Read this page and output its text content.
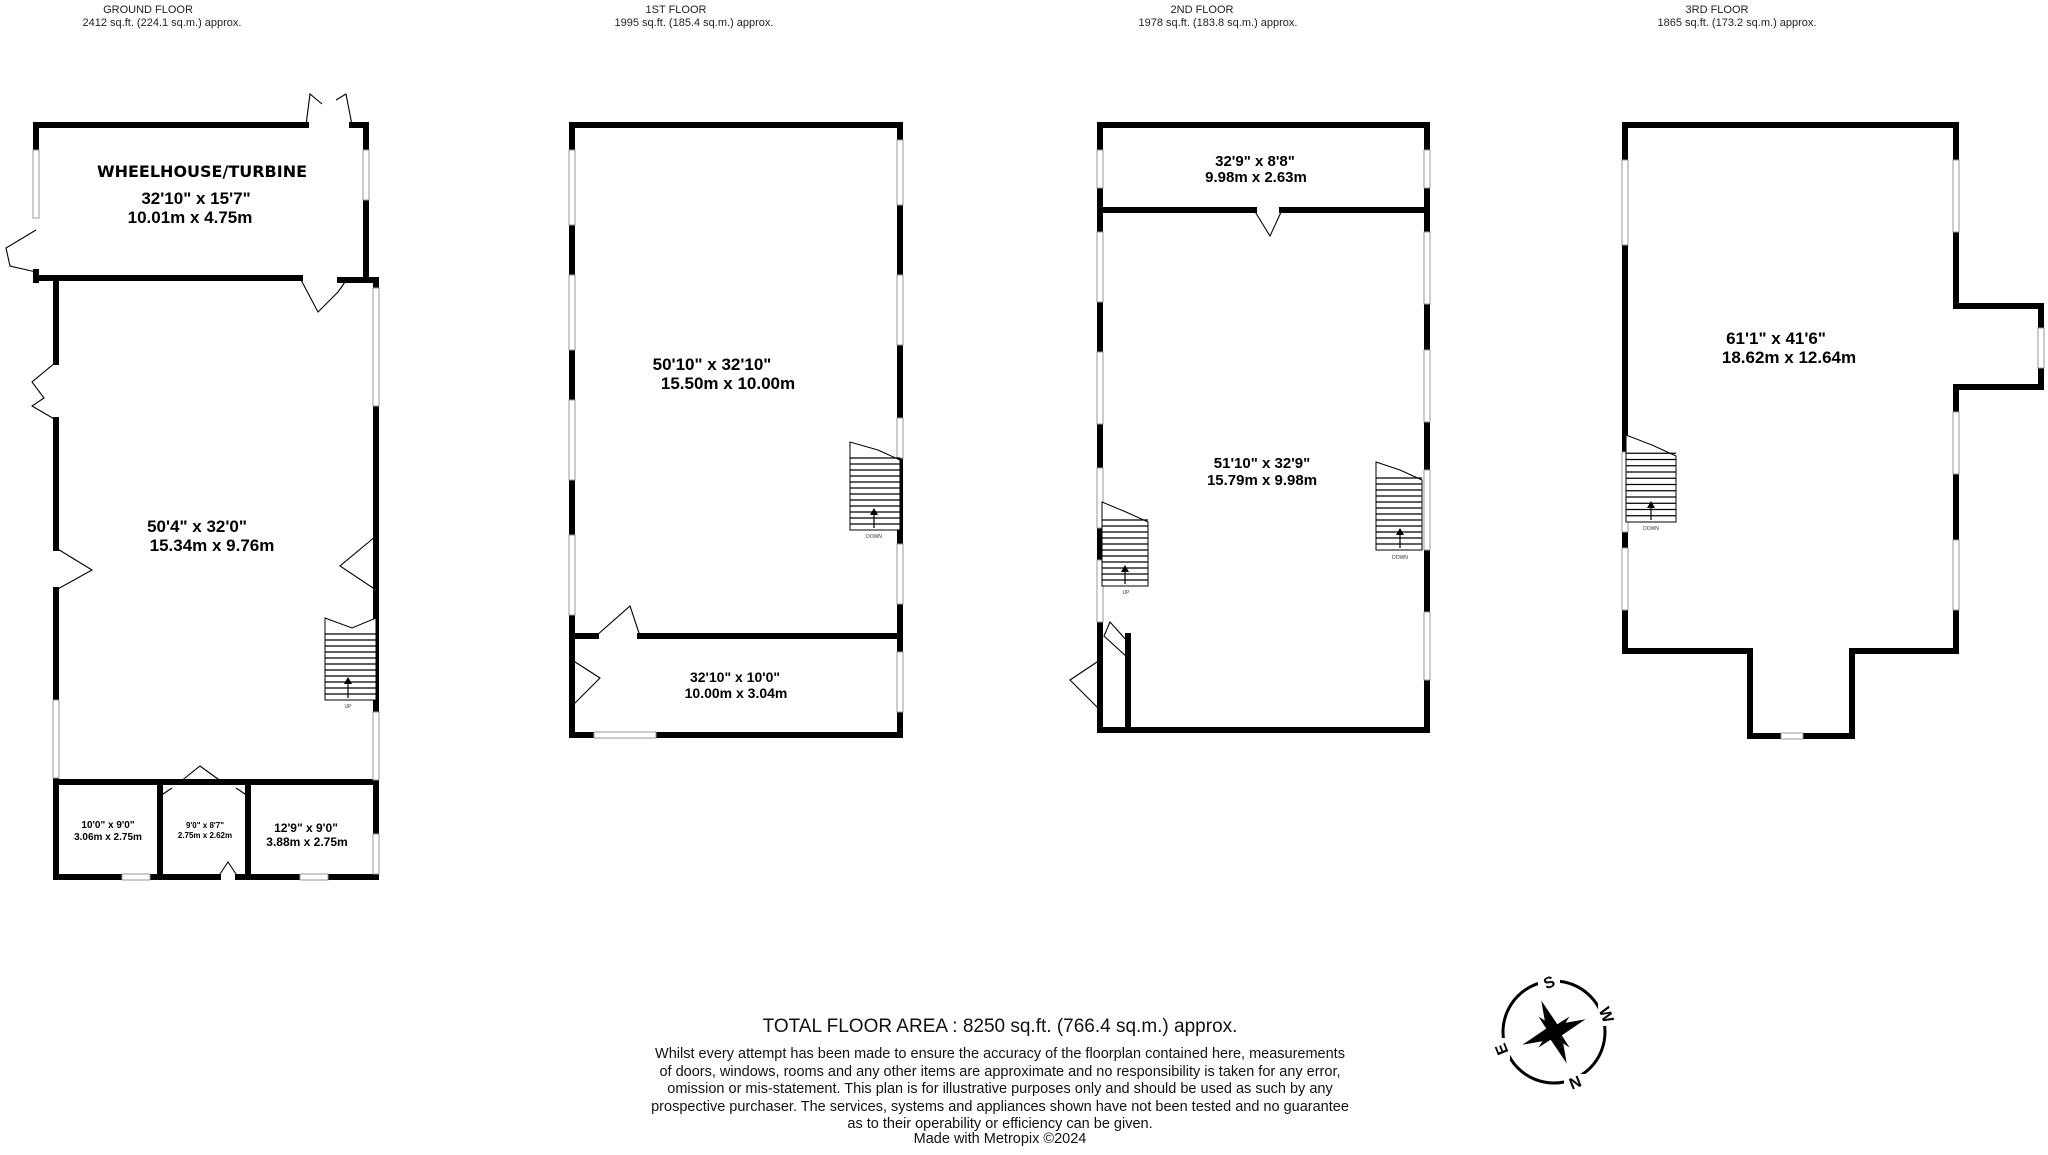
GROUND FLOOR
2412 sq.ft. (224.1 sq.m.) approx.
1ST FLOOR
1995 sq.ft. (185.4 sq.m.) approx.
2ND FLOOR
1978 sq.ft. (183.8 sq.m.) approx.
3RD FLOOR
1865 sq.ft. (173.2 sq.m.) approx.
UP
WHEELHOUSE/TURBINE
32'10" x 15'7"
10.01m x 4.75m
50'4" x 32'0"
15.34m x 9.76m
10'0" x 9'0"
3.06m x 2.75m
9'0" x 8'7"
2.75m x 2.62m
12'9" x 9'0"
3.88m x 2.75m
DOWN
50'10" x 32'10"
15.50m x 10.00m
32'10" x 10'0"
10.00m x 3.04m
UP
DOWN
32'9" x 8'8"
9.98m x 2.63m
51'10" x 32'9"
15.79m x 9.98m
DOWN
61'1" x 41'6"
18.62m x 12.64m
S
W
N
E
TOTAL FLOOR AREA : 8250 sq.ft. (766.4 sq.m.) approx.
Whilst every attempt has been made to ensure the accuracy of the floorplan contained here, measurements
of doors, windows, rooms and any other items are approximate and no responsibility is taken for any error,
omission or mis-statement. This plan is for illustrative purposes only and should be used as such by any
prospective purchaser. The services, systems and appliances shown have not been tested and no guarantee
as to their operability or efficiency can be given.
Made with Metropix ©2024
